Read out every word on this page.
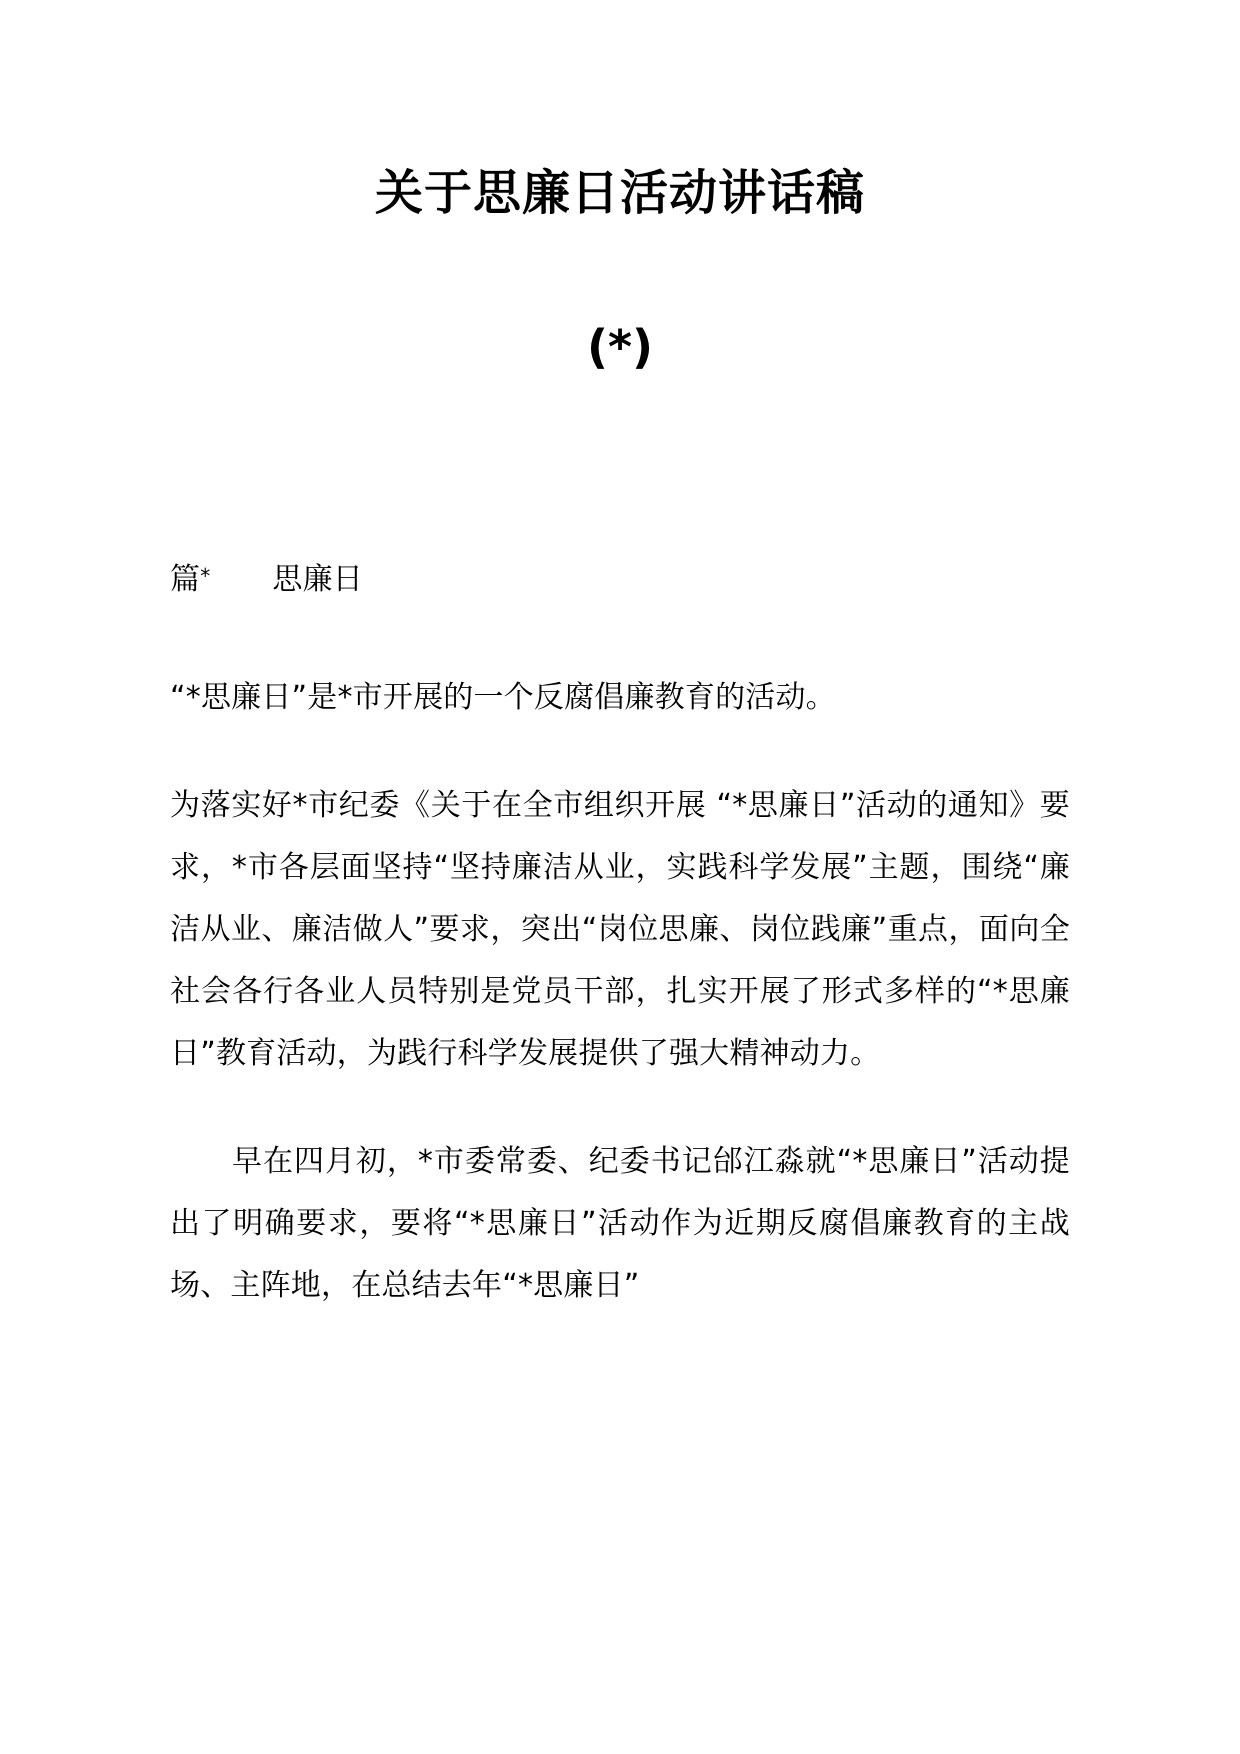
关于思廉日活动讲话稿
(*)

篇* 思廉日

“*思廉日”是*市开展的一个反腐倡廉教育的活动。

为落实好*市纪委《关于在全市组织开展 “*思廉日”活动的通知》要求，*市各层面坚持“坚持廉洁从业，实践科学发展”主题，围绕“廉洁从业、廉洁做人”要求，突出“岗位思廉、岗位践廉”重点，面向全社会各行各业人员特别是党员干部，扎实开展了形式多样的“*思廉日”教育活动，为践行科学发展提供了强大精神动力。

早在四月初，*市委常委、纪委书记邰江淼就“*思廉日”活动提出了明确要求，要将“*思廉日”活动作为近期反腐倡廉教育的主战场、主阵地，在总结去年“*思廉日”
